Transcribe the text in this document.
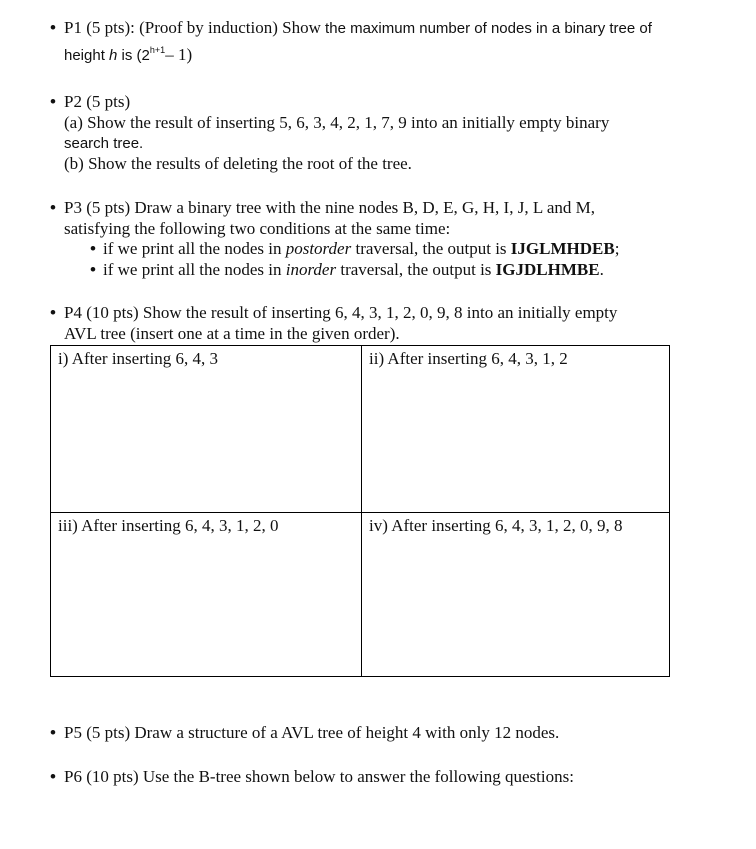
• P1 (5 pts): (Proof by induction) Show the maximum number of nodes in a binary tree of
height h is ($2^{h+1}-$ 1)
• P2 (5 pts)
(a) Show the result of inserting 5, 6, 3, 4, 2, 1, 7, 9 into an initially empty binary
search tree.
(b) Show the results of deleting the root of the tree.
• P3 (5 pts) Draw a binary tree with the nine nodes B, D, E, G, H, I, J, L and M,
satisfying the following two conditions at the same time:
• if we print all the nodes in postorder traversal, the output is IJGLMHDEB;
• if we print all the nodes in inorder traversal, the output is IGJDLHMBE.
• P4 (10 pts) Show the result of inserting 6, 4, 3, 1, 2, 0, 9, 8 into an initially empty
AVL tree (insert one at a time in the given order).
i) After inserting 6, 4, 3	ii) After inserting 6, 4, 3, 1, 2
iii) After inserting 6, 4, 3, 1, 2, 0	iv) After inserting 6, 4, 3, 1, 2, 0, 9, 8
• P5 (5 pts) Draw a structure of a AVL tree of height 4 with only 12 nodes.
• P6 (10 pts) Use the B-tree shown below to answer the following questions:
